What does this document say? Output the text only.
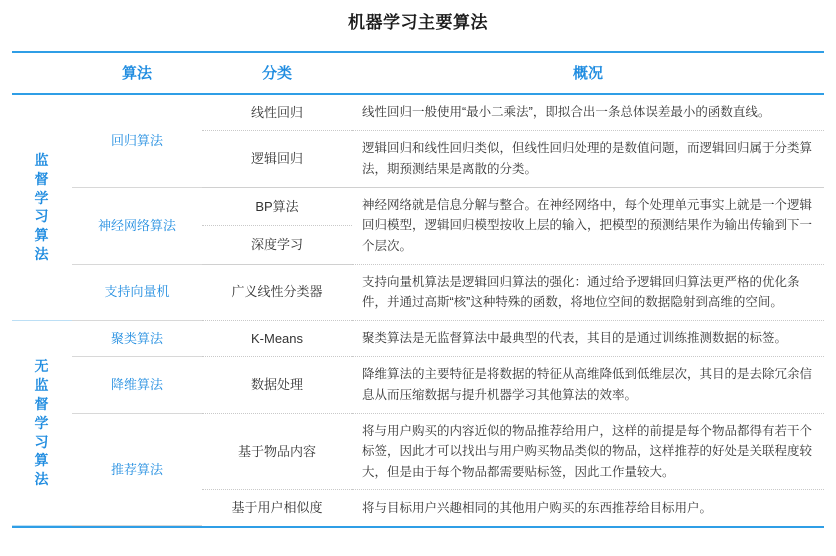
机器学习主要算法
	算法	分类	概况

监
督
学
习
算
法
	回归算法	线性回归	线性回归一般使用“最小二乘法”，即拟合出一条总体误差最小的函数直线。
		逻辑回归	逻辑回归和线性回归类似，但线性回归处理的是数值问题，而逻辑回归属于分类算法，期预测结果是离散的分类。
	神经网络算法	BP算法	神经网络就是信息分解与整合。在神经网络中，每个处理单元事实上就是一个逻辑回归模型，逻辑回归模型按收上层的输入，把模型的预测结果作为输出传输到下一个层次。
		深度学习	
	支持向量机	广义线性分类器	支持向量机算法是逻辑回归算法的强化：通过给予逻辑回归算法更严格的优化条件，并通过高斯“核”这种特殊的函数，将地位空间的数据隐射到高维的空间。

无
监
督
学
习
算
法
	聚类算法	K-Means	聚类算法是无监督算法中最典型的代表，其目的是通过训练推测数据的标签。
	降维算法	数据处理	降维算法的主要特征是将数据的特征从高维降低到低维层次，其目的是去除冗余信息从而压缩数据与提升机器学习其他算法的效率。
	推荐算法	基于物品内容	将与用户购买的内容近似的物品推荐给用户，这样的前提是每个物品都得有若干个标签，因此才可以找出与用户购买物品类似的物品，这样推荐的好处是关联程度较大，但是由于每个物品都需要贴标签，因此工作量较大。
		基于用户相似度	将与目标用户兴趣相同的其他用户购买的东西推荐给目标用户。
